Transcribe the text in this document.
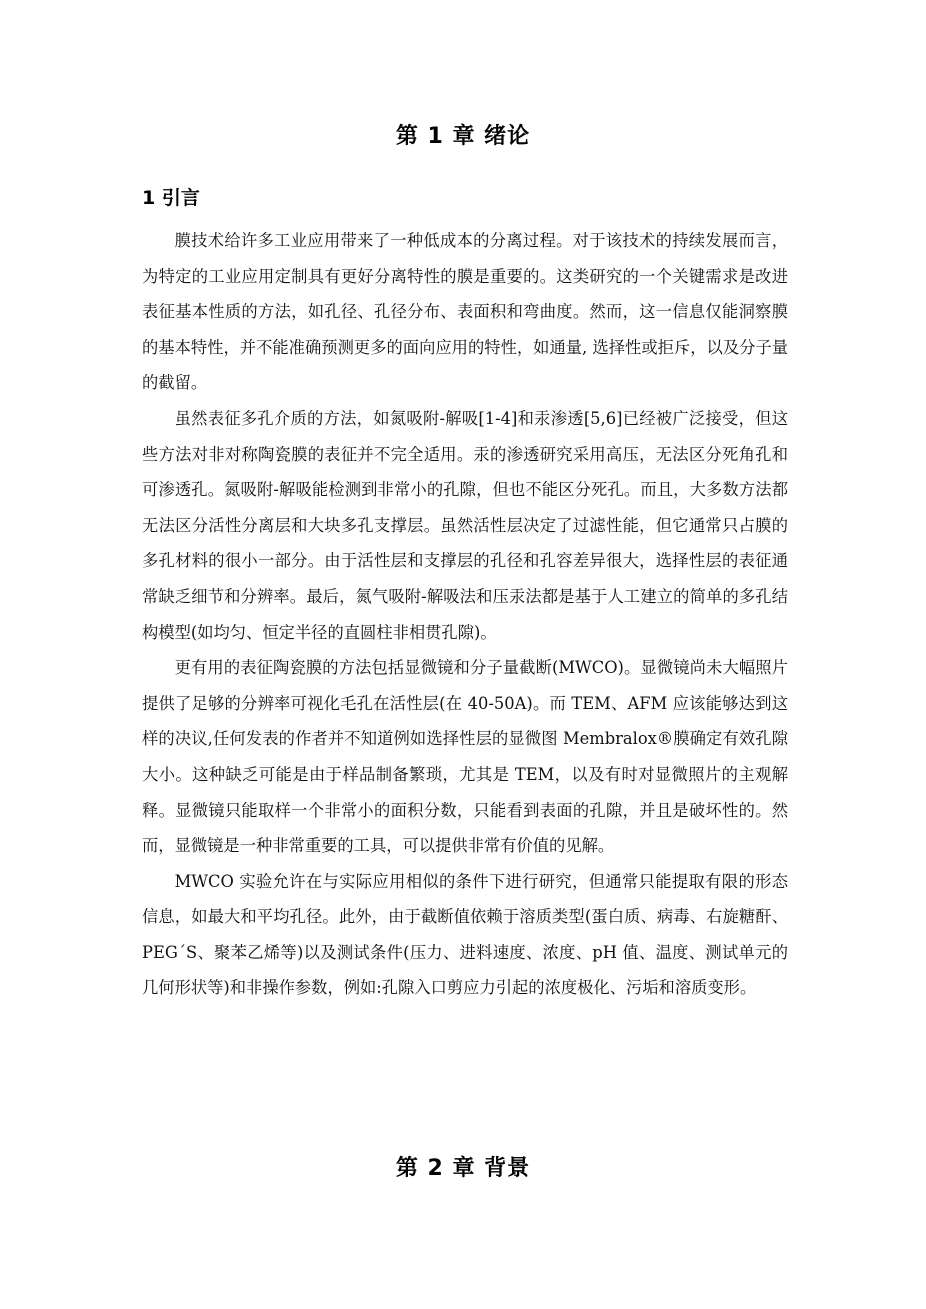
第 1 章 绪论
1 引言

膜技术给许多工业应用带来了一种低成本的分离过程。对于该技术的持续发展而言，为特定的工业应用定制具有更好分离特性的膜是重要的。这类研究的一个关键需求是改进表征基本性质的方法，如孔径、孔径分布、表面积和弯曲度。然而，这一信息仅能洞察膜的基本特性，并不能准确预测更多的面向应用的特性，如通量, 选择性或拒斥，以及分子量的截留。

虽然表征多孔介质的方法，如氮吸附-解吸[1-4]和汞渗透[5,6]已经被广泛接受，但这些方法对非对称陶瓷膜的表征并不完全适用。汞的渗透研究采用高压，无法区分死角孔和可渗透孔。氮吸附-解吸能检测到非常小的孔隙，但也不能区分死孔。而且，大多数方法都无法区分活性分离层和大块多孔支撑层。虽然活性层决定了过滤性能，但它通常只占膜的多孔材料的很小一部分。由于活性层和支撑层的孔径和孔容差异很大，选择性层的表征通常缺乏细节和分辨率。最后，氮气吸附-解吸法和压汞法都是基于人工建立的简单的多孔结构模型(如均匀、恒定半径的直圆柱非相贯孔隙)。

更有用的表征陶瓷膜的方法包括显微镜和分子量截断(MWCO)。显微镜尚未大幅照片提供了足够的分辨率可视化毛孔在活性层(在 40-50A)。而 TEM、AFM 应该能够达到这样的决议,任何发表的作者并不知道例如选择性层的显微图 Membralox®膜确定有效孔隙大小。这种缺乏可能是由于样品制备繁琐，尤其是 TEM，以及有时对显微照片的主观解释。显微镜只能取样一个非常小的面积分数，只能看到表面的孔隙，并且是破坏性的。然而，显微镜是一种非常重要的工具，可以提供非常有价值的见解。

MWCO 实验允许在与实际应用相似的条件下进行研究，但通常只能提取有限的形态信息，如最大和平均孔径。此外，由于截断值依赖于溶质类型(蛋白质、病毒、右旋糖酐、PEG´S、聚苯乙烯等)以及测试条件(压力、进料速度、浓度、pH 值、温度、测试单元的几何形状等)和非操作参数，例如:孔隙入口剪应力引起的浓度极化、污垢和溶质变形。

第 2 章 背景
